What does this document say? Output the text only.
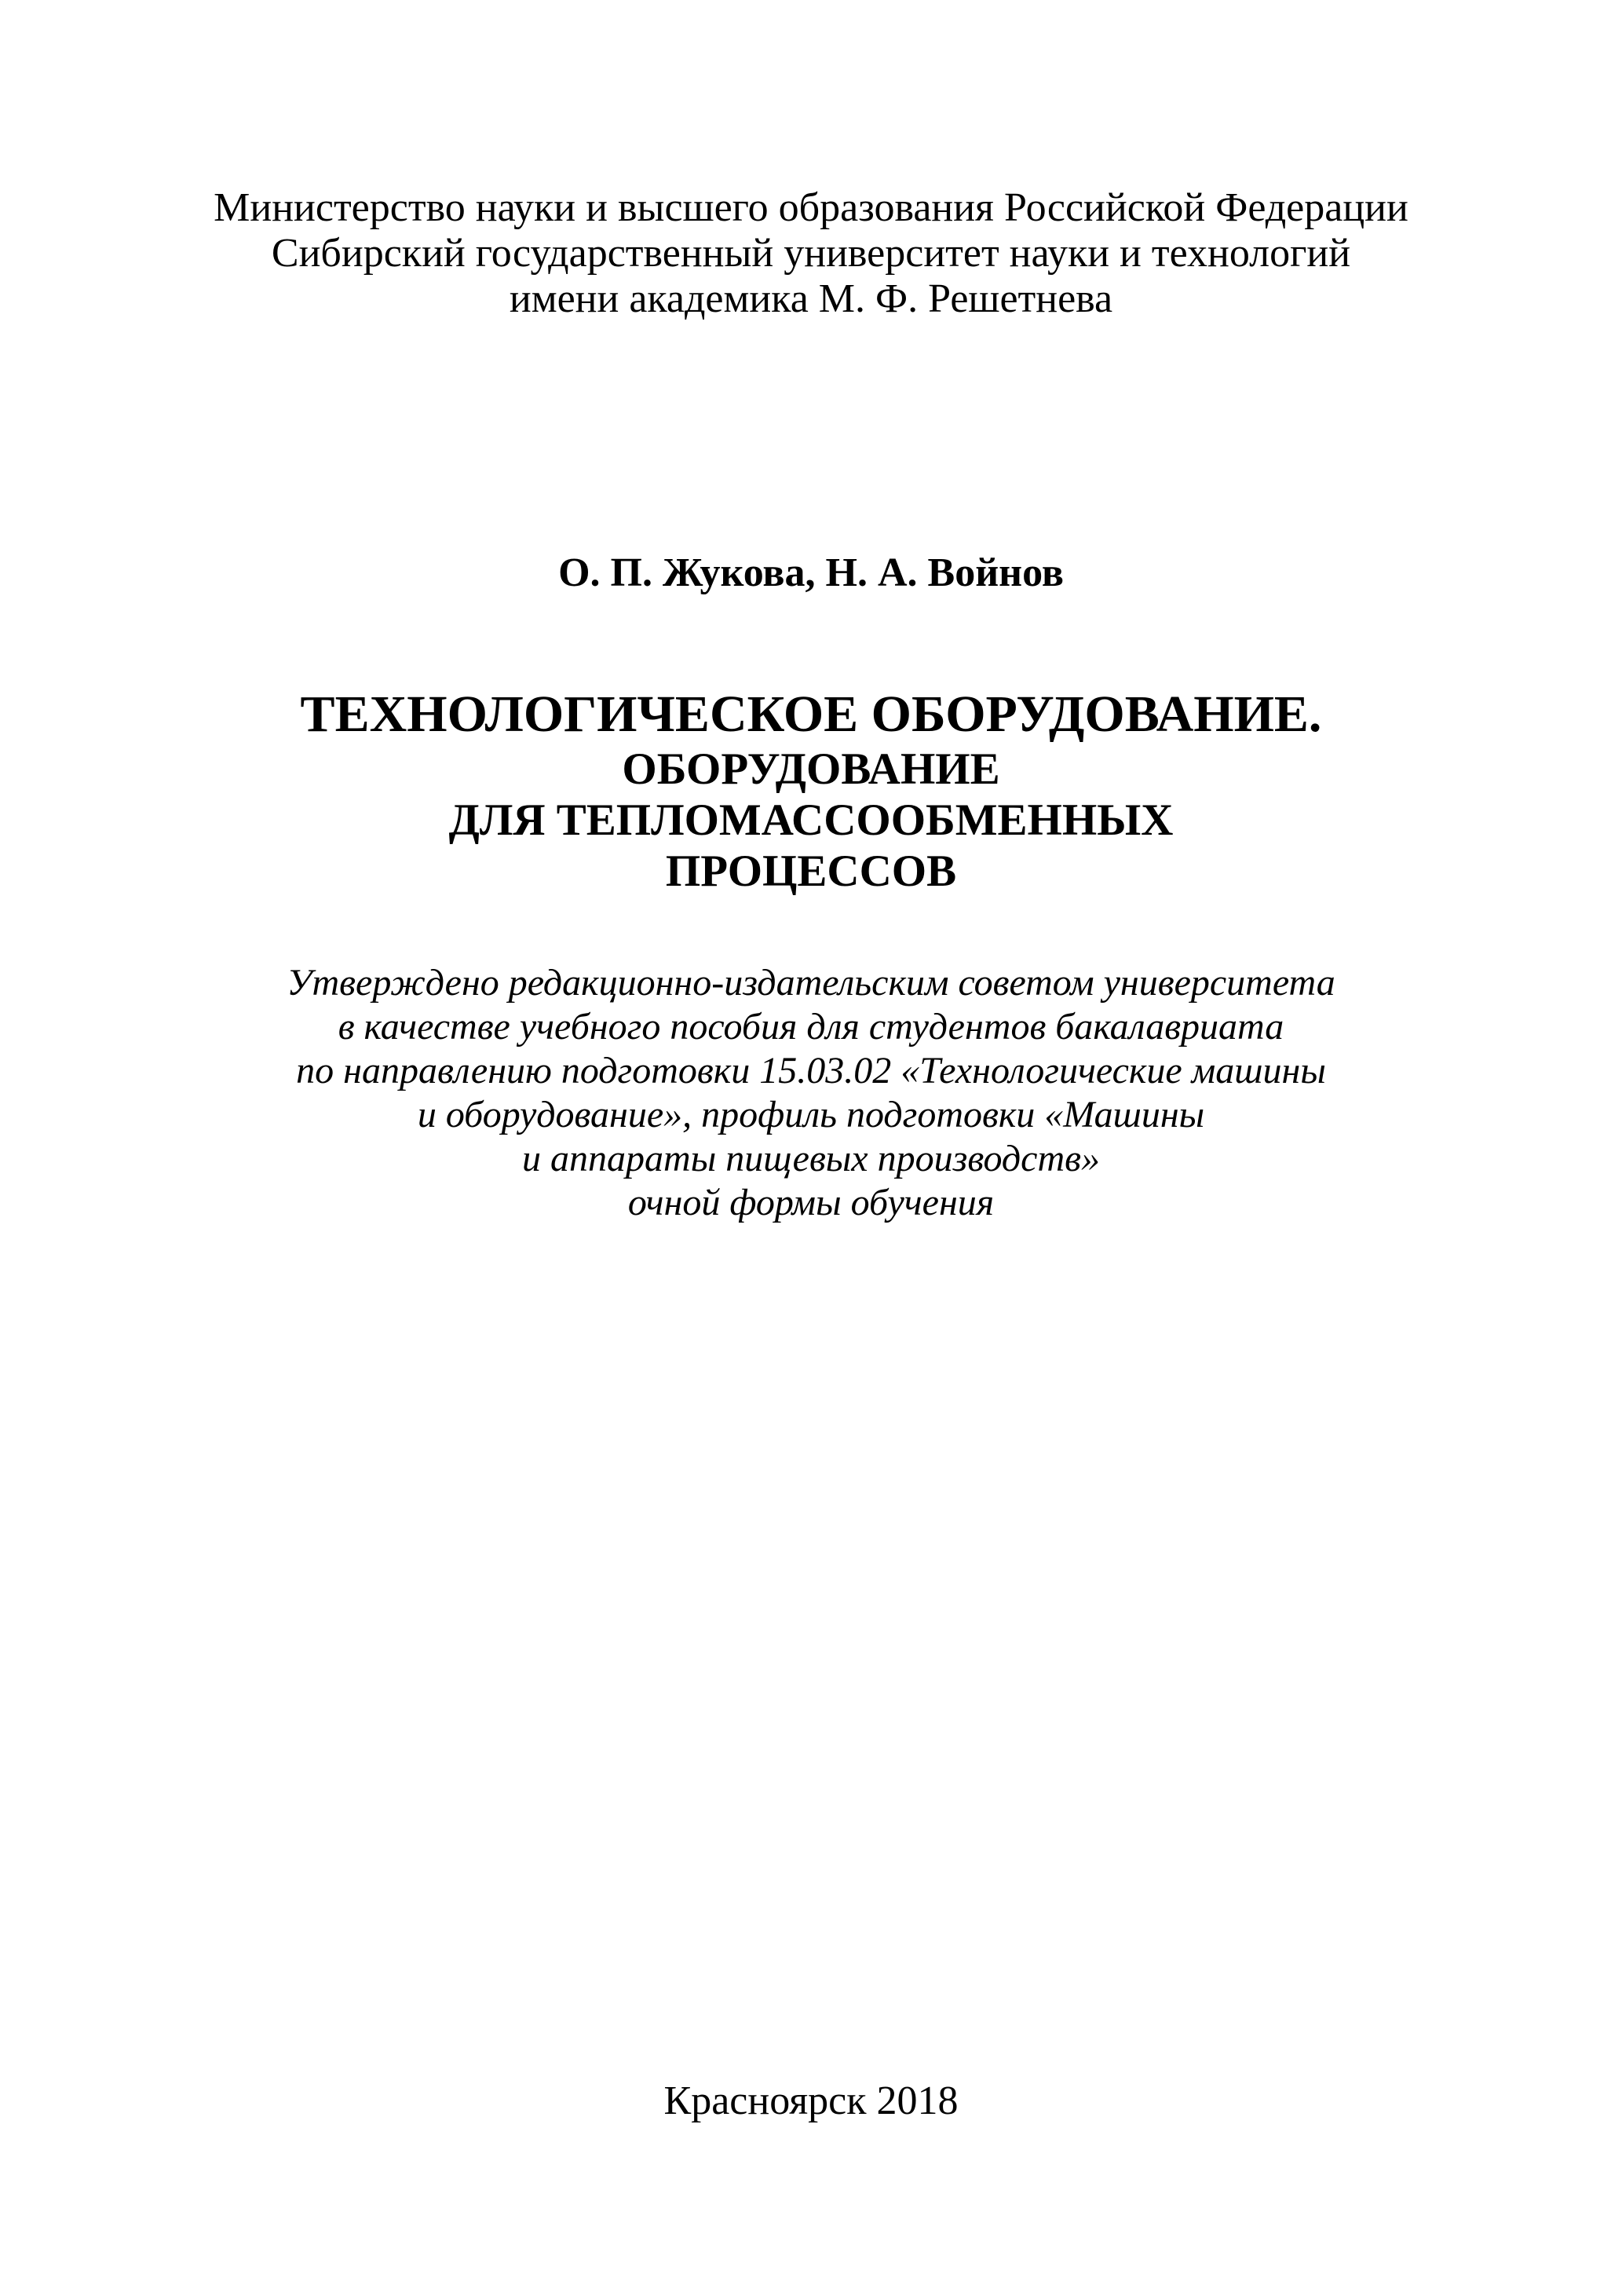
Министерство науки и высшего образования Российской Федерации
Сибирский государственный университет науки и технологий
имени академика М. Ф. Решетнева
О. П. Жукова, Н. А. Войнов
ТЕХНОЛОГИЧЕСКОЕ ОБОРУДОВАНИЕ.
ОБОРУДОВАНИЕ
ДЛЯ ТЕПЛОМАССООБМЕННЫХ
ПРОЦЕССОВ
Утверждено редакционно-издательским советом университета
в качестве учебного пособия для студентов бакалавриата
по направлению подготовки 15.03.02 «Технологические машины
и оборудование», профиль подготовки «Машины
и аппараты пищевых производств»
очной формы обучения
Красноярск 2018
